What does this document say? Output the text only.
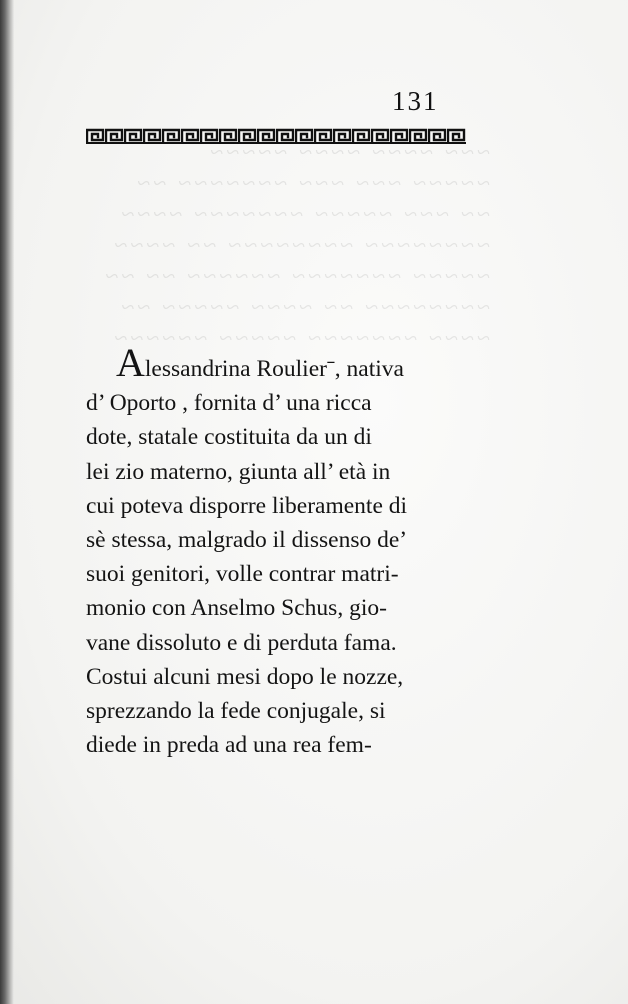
~~~ ~~~~ ~~~~ ~~~~~
~~~~~ ~~~ ~~~ ~~~~~~~ ~~
~~ ~~~ ~~~~~ ~~~~~~~ ~~~~
~~~~~~~~ ~~~~~~~~ ~~ ~~~~
~~~~~ ~~~~~~~ ~~~~~~ ~~ ~~
~~~~~~~~ ~~ ~~~~ ~~~~~ ~~
~~~~ ~~~~~~~ ~~~~~ ~~~~~~
131
Alessandrina Roulierˉ, nativa
d’ Oporto , fornita d’ una ricca
dote, statale costituita da un di
lei zio materno, giunta all’ età in
cui poteva disporre liberamente di
sè stessa, malgrado il dissenso de’
suoi genitori, volle contrar matri-
monio con Anselmo Schus, gio-
vane dissoluto e di perduta fama.
Costui alcuni mesi dopo le nozze,
sprezzando la fede conjugale, si
diede in preda ad una rea fem-
